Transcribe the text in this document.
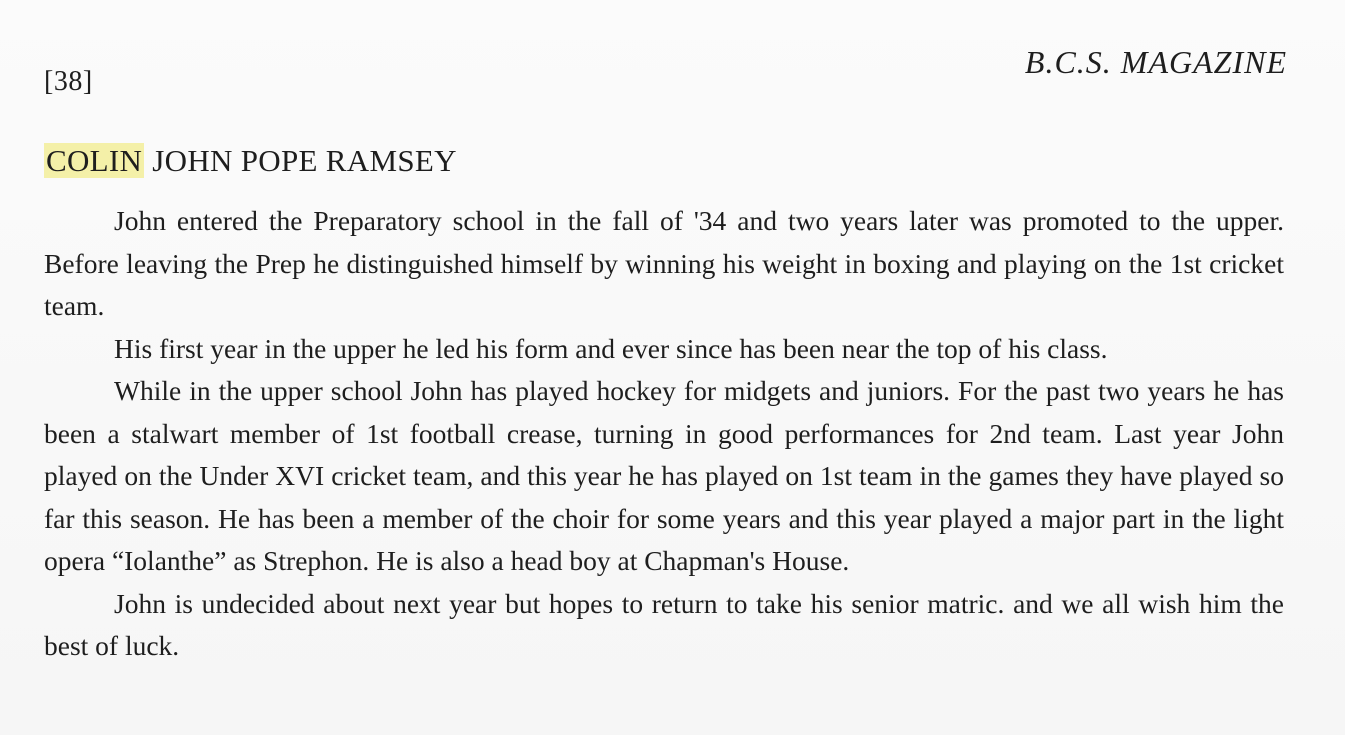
[38]
B.C.S. MAGAZINE
COLIN JOHN POPE RAMSEY

John entered the Preparatory school in the fall of '34 and two years later was promoted to the upper. Before leaving the Prep he distinguished himself by winning his weight in boxing and playing on the 1st cricket team.

His first year in the upper he led his form and ever since has been near the top of his class.

While in the upper school John has played hockey for midgets and juniors. For the past two years he has been a stalwart member of 1st football crease, turning in good performances for 2nd team. Last year John played on the Under XVI cricket team, and this year he has played on 1st team in the games they have played so far this season. He has been a member of the choir for some years and this year played a major part in the light opera “Iolanthe” as Strephon. He is also a head boy at Chapman's House.

John is undecided about next year but hopes to return to take his senior matric. and we all wish him the best of luck.
